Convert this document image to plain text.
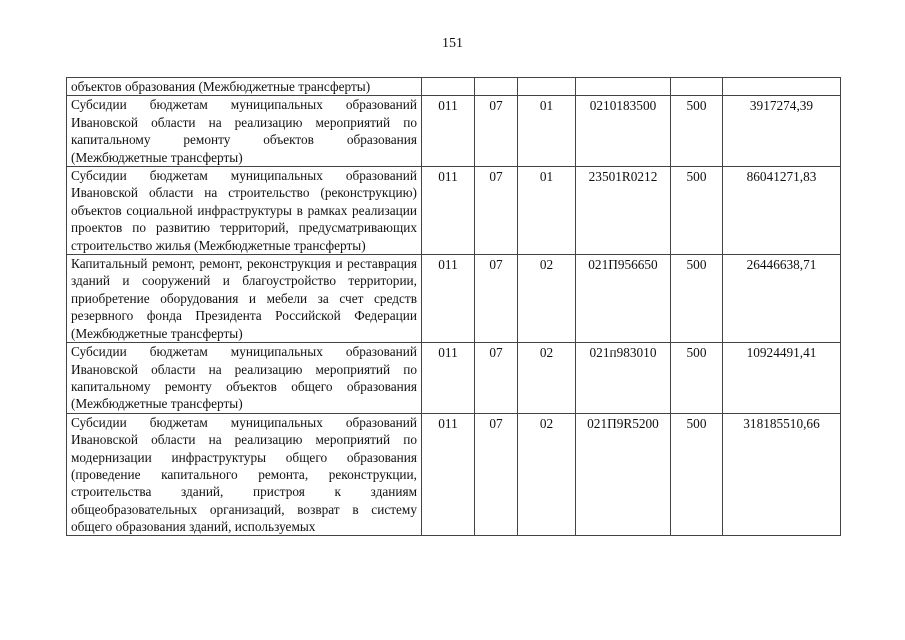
151
объектов образования (Межбюджетные трансферты)						
Субсидии бюджетам муниципальных образований Ивановской области на реализацию мероприятий по капитальному ремонту объектов образования (Межбюджетные трансферты)	011	07	01	0210183500	500	3917274,39
Субсидии бюджетам муниципальных образований Ивановской области на строительство (реконструкцию) объектов социальной инфраструктуры в рамках реализации проектов по развитию территорий, предусматривающих строительство жилья (Межбюджетные трансферты)	011	07	01	23501R0212	500	86041271,83
Капитальный ремонт, ремонт, реконструкция и реставрация зданий и сооружений и благоустройство территории, приобретение оборудования и мебели за счет средств резервного фонда Президента Российской Федерации (Межбюджетные трансферты)	011	07	02	021П956650	500	26446638,71
Субсидии бюджетам муниципальных образований Ивановской области на реализацию мероприятий по капитальному ремонту объектов общего образования (Межбюджетные трансферты)	011	07	02	021п983010	500	10924491,41

Субсидии бюджетам муниципальных образований Ивановской области на реализацию мероприятий по модернизации инфраструктуры общего образования (проведение капитального ремонта, реконструкции, строительства зданий, пристроя к зданиям общеобразовательных организаций, возврат в систему общего образования зданий, используемых	011	07	02	021П9R5200	500	318185510,66
